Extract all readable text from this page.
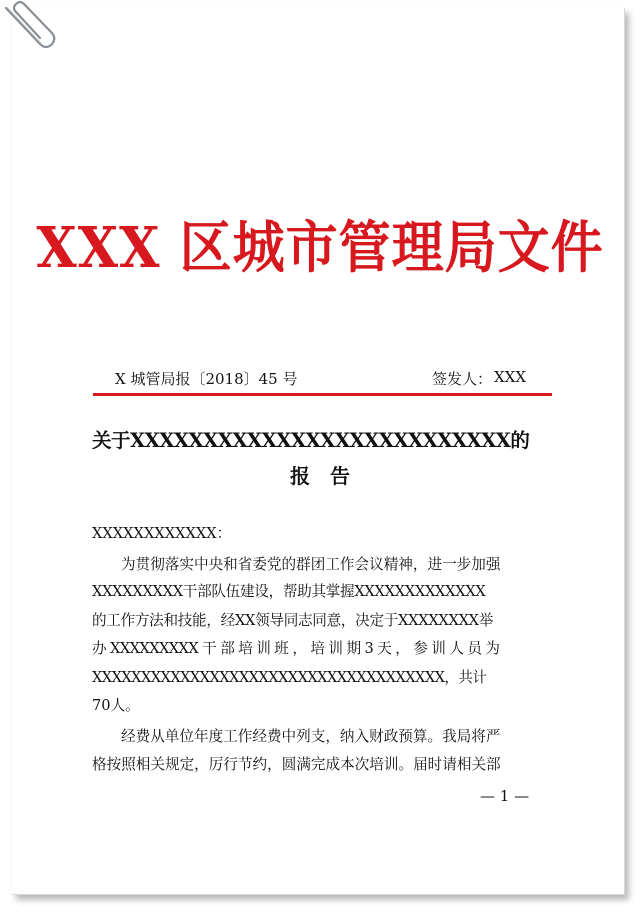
XXX 区城市管理局文件
X 城管局报〔2018〕45 号	签发人： XXX
关于XXXXXXXXXXXXXXXXXXXXXXXXXX的
报告
XXXXXXXXXXXX：
为贯彻落实中央和省委党的群团工作会议精神，进一步加强
XXXXXXXXX干部队伍建设，帮助其掌握XXXXXXXXXXXXX
的工作方法和技能，经XX领导同志同意，决定于XXXXXXXX举
办 XXXXXXXXX 干 部 培 训 班 ， 培 训 期 3 天 ， 参 训 人 员 为
XXXXXXXXXXXXXXXXXXXXXXXXXXXXXXXXXXXX，共计
70人。
经费从单位年度工作经费中列支，纳入财政预算。我局将严
格按照相关规定，厉行节约，圆满完成本次培训。届时请相关部
— 1 —
